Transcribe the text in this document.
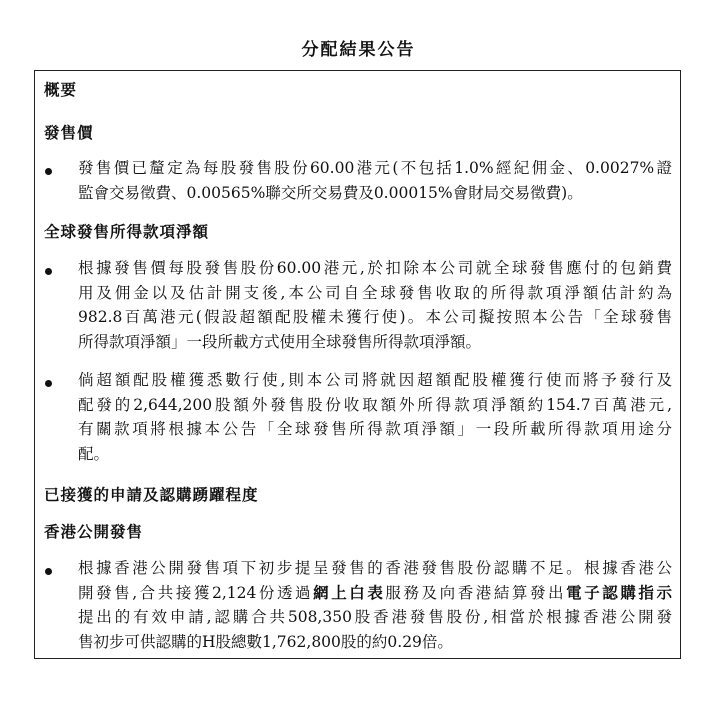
分配結果公告
概要
發售價
發售價已釐定為每股發售股份60.00港元(不包括1.0%經紀佣金、0.0027%證
監會交易徵費、0.00565%聯交所交易費及0.00015%會財局交易徵費)。
全球發售所得款項淨額
根據發售價每股發售股份60.00港元,於扣除本公司就全球發售應付的包銷費
用及佣金以及估計開支後,本公司自全球發售收取的所得款項淨額估計約為
982.8百萬港元(假設超額配股權未獲行使)。本公司擬按照本公告「全球發售
所得款項淨額」一段所載方式使用全球發售所得款項淨額。
倘超額配股權獲悉數行使,則本公司將就因超額配股權獲行使而將予發行及
配發的2,644,200股額外發售股份收取額外所得款項淨額約154.7百萬港元,
有關款項將根據本公告「全球發售所得款項淨額」一段所載所得款項用途分
配。
已接獲的申請及認購踴躍程度
香港公開發售
根據香港公開發售項下初步提呈發售的香港發售股份認購不足。根據香港公
開發售,合共接獲2,124份透過網上白表服務及向香港結算發出電子認購指示
提出的有效申請,認購合共508,350股香港發售股份,相當於根據香港公開發
售初步可供認購的H股總數1,762,800股的約0.29倍。
